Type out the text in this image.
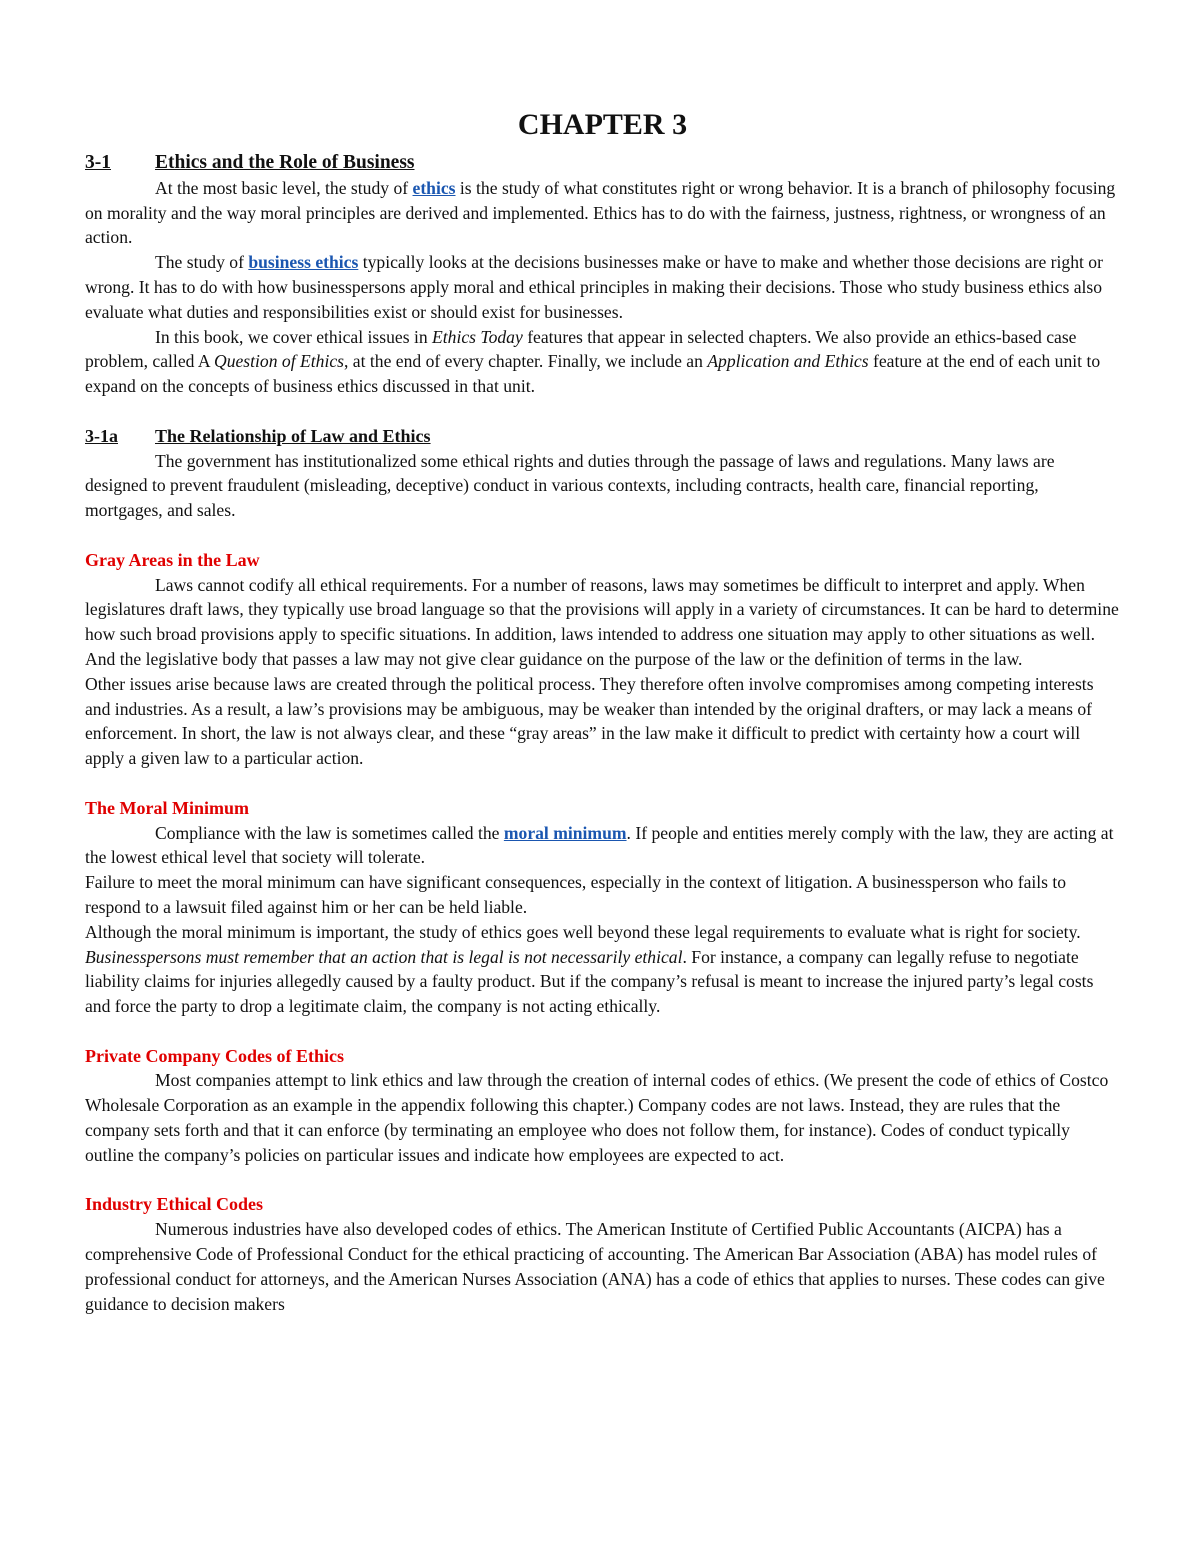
CHAPTER 3
3-1 Ethics and the Role of Business

At the most basic level, the study of ethics is the study of what constitutes right or wrong behavior. It is a branch of philosophy focusing on morality and the way moral principles are derived and implemented. Ethics has to do with the fairness, justness, rightness, or wrongness of an action.

The study of business ethics typically looks at the decisions businesses make or have to make and whether those decisions are right or wrong. It has to do with how businesspersons apply moral and ethical principles in making their decisions. Those who study business ethics also evaluate what duties and responsibilities exist or should exist for businesses.

In this book, we cover ethical issues in Ethics Today features that appear in selected chapters. We also provide an ethics-based case problem, called A Question of Ethics, at the end of every chapter. Finally, we include an Application and Ethics feature at the end of each unit to expand on the concepts of business ethics discussed in that unit.

3-1a The Relationship of Law and Ethics

The government has institutionalized some ethical rights and duties through the passage of laws and regulations. Many laws are designed to prevent fraudulent (misleading, deceptive) conduct in various contexts, including contracts, health care, financial reporting, mortgages, and sales.

Gray Areas in the Law

Laws cannot codify all ethical requirements. For a number of reasons, laws may sometimes be difficult to interpret and apply. When legislatures draft laws, they typically use broad language so that the provisions will apply in a variety of circumstances. It can be hard to determine how such broad provisions apply to specific situations. In addition, laws intended to address one situation may apply to other situations as well. And the legislative body that passes a law may not give clear guidance on the purpose of the law or the definition of terms in the law.

Other issues arise because laws are created through the political process. They therefore often involve compromises among competing interests and industries. As a result, a law’s provisions may be ambiguous, may be weaker than intended by the original drafters, or may lack a means of enforcement. In short, the law is not always clear, and these “gray areas” in the law make it difficult to predict with certainty how a court will apply a given law to a particular action.

The Moral Minimum

Compliance with the law is sometimes called the moral minimum. If people and entities merely comply with the law, they are acting at the lowest ethical level that society will tolerate.

Failure to meet the moral minimum can have significant consequences, especially in the context of litigation. A businessperson who fails to respond to a lawsuit filed against him or her can be held liable.

Although the moral minimum is important, the study of ethics goes well beyond these legal requirements to evaluate what is right for society. Businesspersons must remember that an action that is legal is not necessarily ethical. For instance, a company can legally refuse to negotiate liability claims for injuries allegedly caused by a faulty product. But if the company’s refusal is meant to increase the injured party’s legal costs and force the party to drop a legitimate claim, the company is not acting ethically.

Private Company Codes of Ethics

Most companies attempt to link ethics and law through the creation of internal codes of ethics. (We present the code of ethics of Costco Wholesale Corporation as an example in the appendix following this chapter.) Company codes are not laws. Instead, they are rules that the company sets forth and that it can enforce (by terminating an employee who does not follow them, for instance). Codes of conduct typically outline the company’s policies on particular issues and indicate how employees are expected to act.

Industry Ethical Codes

Numerous industries have also developed codes of ethics. The American Institute of Certified Public Accountants (AICPA) has a comprehensive Code of Professional Conduct for the ethical practicing of accounting. The American Bar Association (ABA) has model rules of professional conduct for attorneys, and the American Nurses Association (ANA) has a code of ethics that applies to nurses. These codes can give guidance to decision makers
